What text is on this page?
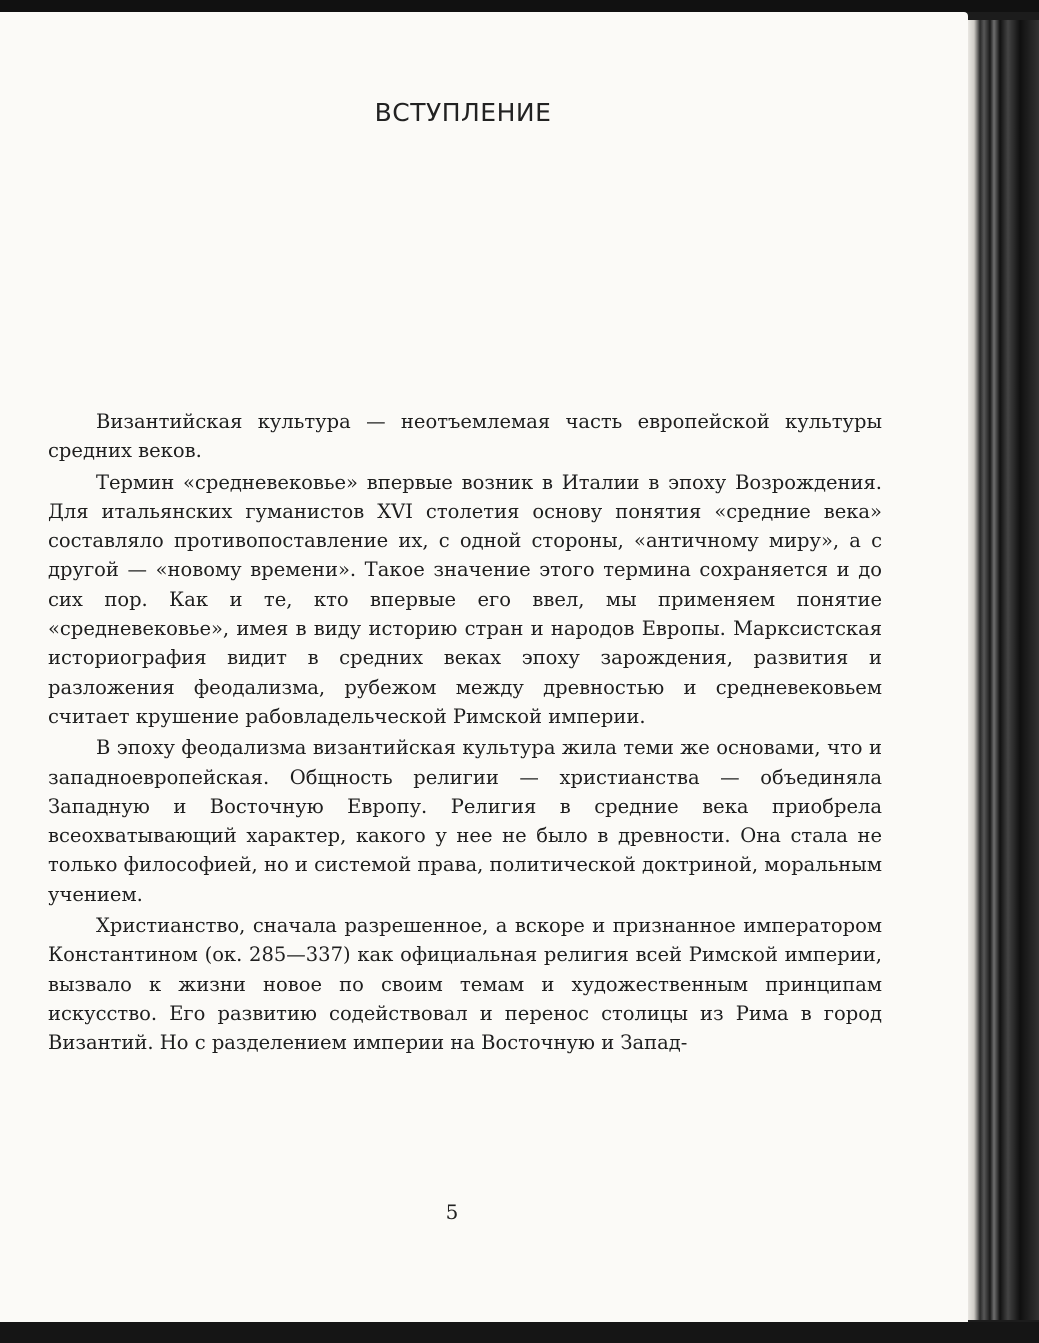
ВСТУПЛЕНИЕ

Византийская культура — неотъемлемая часть европейской культуры средних веков.

Термин «средневековье» впервые возник в Италии в эпоху Возрождения. Для итальянских гуманистов XVI столетия основу понятия «средние века» составляло противопоставление их, с одной стороны, «античному миру», а с другой — «новому времени». Такое значение этого термина сохраняется и до сих пор. Как и те, кто впервые его ввел, мы применяем понятие «средневековье», имея в виду историю стран и народов Европы. Марксистская историография видит в средних веках эпоху зарождения, развития и разложения феодализма, рубежом между древностью и средневековьем считает крушение рабовладельческой Римской империи.

В эпоху феодализма византийская культура жила теми же основами, что и западноевропейская. Общность религии — христианства — объединяла Западную и Восточную Европу. Религия в средние века приобрела всеохватывающий характер, какого у нее не было в древности. Она стала не только философией, но и системой права, политической доктриной, моральным учением.

Христианство, сначала разрешенное, а вскоре и признанное императором Константином (ок. 285—337) как официальная религия всей Римской империи, вызвало к жизни новое по своим темам и художественным принципам искусство. Его развитию содействовал и перенос столицы из Рима в город Византий. Но с разделением империи на Восточную и Запад-

5
